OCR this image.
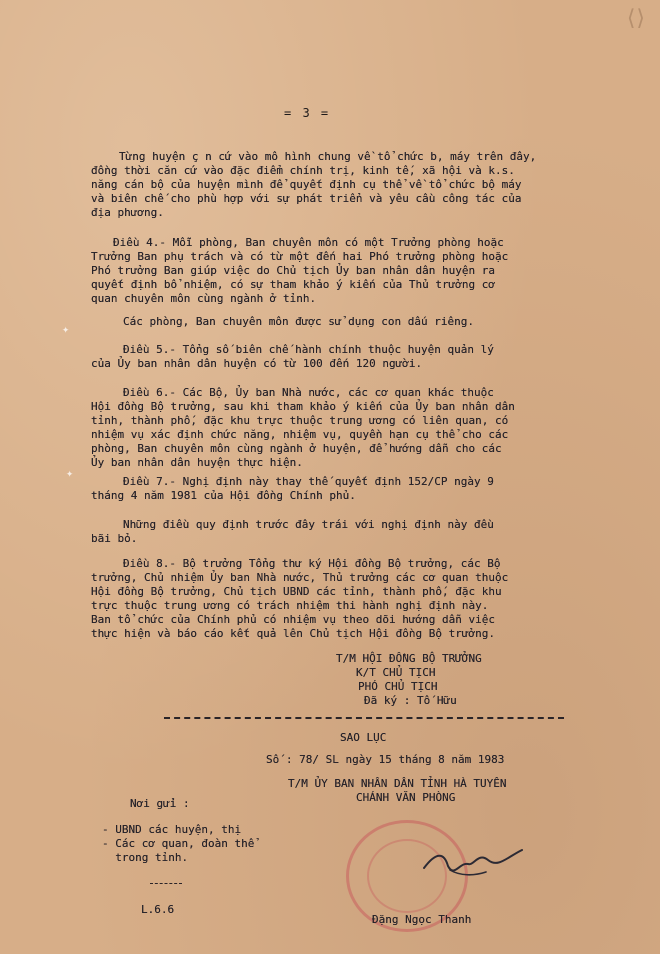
⟨⟩
= 3 =
Từng huyện ç n cứ vào mô hình chung về tổ chức b, máy trên đây,
đồng thời căn cứ vào đặc điểm chính trị, kinh tế, xã hội và k.s.
năng cán bộ của huyện mình để quyết định cụ thể về tổ chức bộ máy
và biên chế cho phù hợp với sự phát triển và yêu cầu công tác của
địa phương.
Điều 4.- Mỗi phòng, Ban chuyên môn có một Trưởng phòng hoặc
Trưởng Ban phụ trách và có từ một đến hai Phó trưởng phòng hoặc
Phó trưởng Ban giúp việc do Chủ tịch Ủy ban nhân dân huyện ra
quyết định bổ nhiệm, có sự tham khảo ý kiến của Thủ trưởng cơ
quan chuyên môn cùng ngành ở tỉnh.
Các phòng, Ban chuyên môn được sử dụng con dấu riêng.
Điều 5.- Tổng số biên chế hành chính thuộc huyện quản lý
của Ủy ban nhân dân huyện có từ 100 đến 120 người.
Điều 6.- Các Bộ, Ủy ban Nhà nước, các cơ quan khác thuộc
Hội đồng Bộ trưởng, sau khi tham khảo ý kiến của Ủy ban nhân dân
tỉnh, thành phố, đặc khu trực thuộc trung ương có liên quan, có
nhiệm vụ xác định chức năng, nhiệm vụ, quyền hạn cụ thể cho các
phòng, Ban chuyên môn cùng ngành ở huyện, để hướng dẫn cho các
Ủy ban nhân dân huyện thực hiện.
Điều 7.- Nghị định này thay thế quyết định 152/CP ngày 9
tháng 4 năm 1981 của Hội đồng Chính phủ.
Những điều quy định trước đây trái với nghị định này đều
bãi bỏ.
Điều 8.- Bộ trưởng Tổng thư ký Hội đồng Bộ trưởng, các Bộ
trưởng, Chủ nhiệm Ủy ban Nhà nước, Thủ trưởng các cơ quan thuộc
Hội đồng Bộ trưởng, Chủ tịch UBND các tỉnh, thành phố, đặc khu
trực thuộc trung ương có trách nhiệm thi hành nghị định này.
Ban tổ chức của Chính phủ có nhiệm vụ theo dõi hướng dẫn việc
thực hiện và báo cáo kết quả lên Chủ tịch Hội đồng Bộ trưởng.
T/M HỘI ĐỒNG BỘ TRƯỞNG
K/T CHỦ TỊCH
PHÓ CHỦ TỊCH
Đã ký : Tố Hữu
SAO LỤC
Số : 78/ SL ngày 15 tháng 8 năm 1983
T/M ỦY BAN NHÂN DÂN TỈNH HÀ TUYÊN
CHÁNH VĂN PHÒNG
Nơi gửi :
- UBND các huyện, thị
- Các cơ quan, đoàn thể
trong tỉnh.
L.6.6
Đặng Ngọc Thanh
✦
✦
